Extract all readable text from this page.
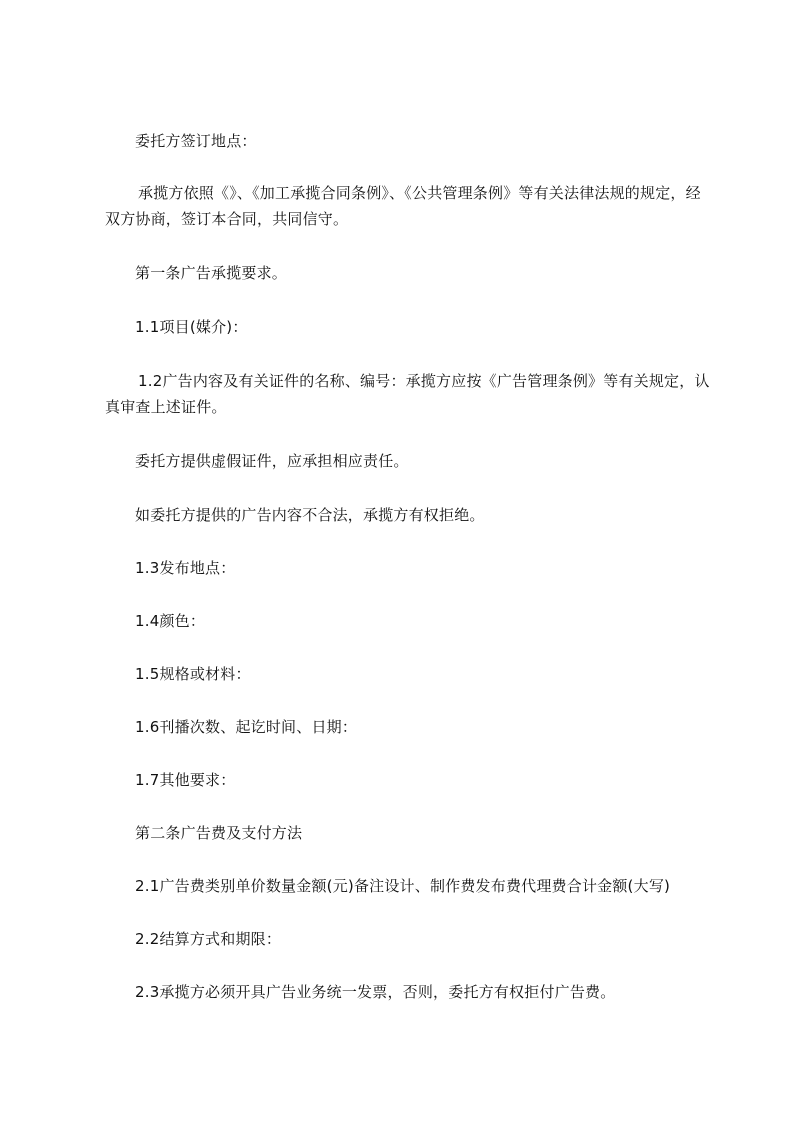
委托方签订地点：
承揽方依照《》、《加工承揽合同条例》、《公共管理条例》等有关法律法规的规定，经双方协商，签订本合同，共同信守。
第一条广告承揽要求。
1.1项目(媒介)：
1.2广告内容及有关证件的名称、编号：承揽方应按《广告管理条例》等有关规定，认真审查上述证件。
委托方提供虚假证件，应承担相应责任。
如委托方提供的广告内容不合法，承揽方有权拒绝。
1.3发布地点：
1.4颜色：
1.5规格或材料：
1.6刊播次数、起讫时间、日期：
1.7其他要求：
第二条广告费及支付方法
2.1广告费类别单价数量金额(元)备注设计、制作费发布费代理费合计金额(大写)
2.2结算方式和期限：
2.3承揽方必须开具广告业务统一发票，否则，委托方有权拒付广告费。
